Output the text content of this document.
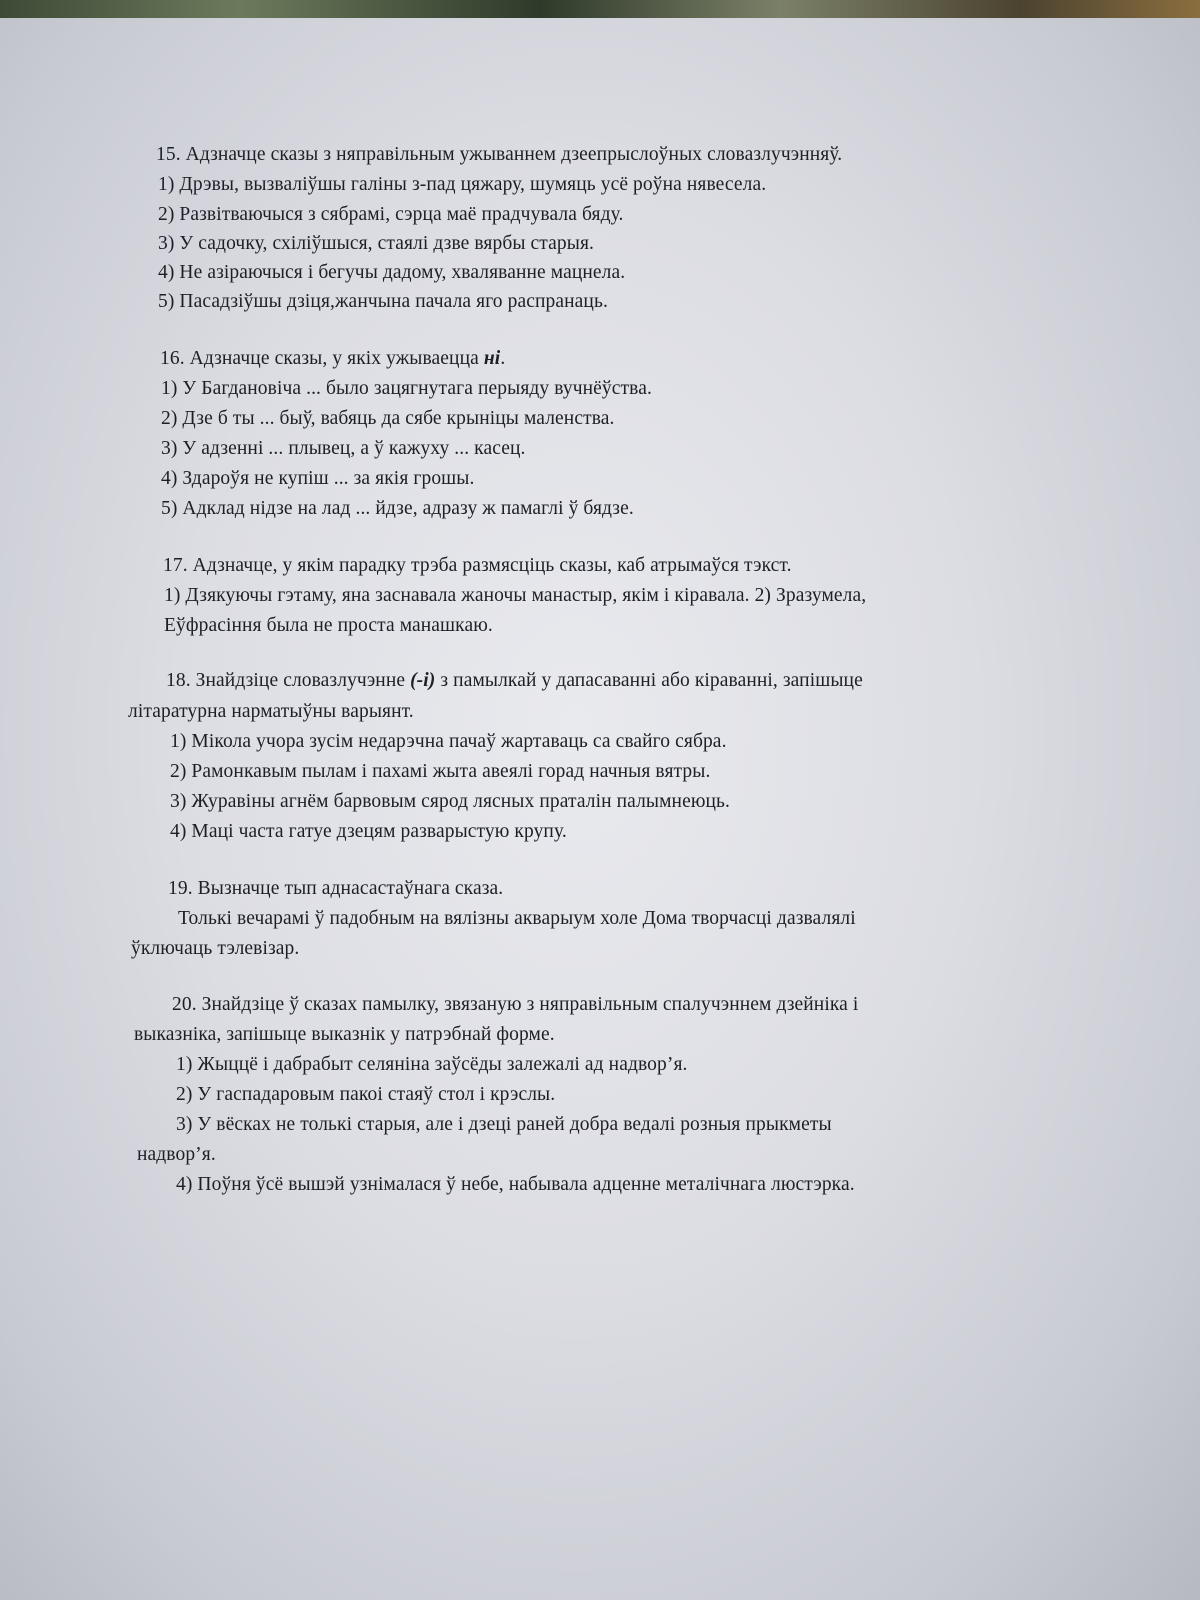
15. Адзначце сказы з няправільным ужываннем дзеепрыслоўных словазлучэнняў.
1) Дрэвы, вызваліўшы галіны з-пад цяжару, шумяць усё роўна нявесела.
2) Развітваючыся з сябрамі, сэрца маё прадчувала бяду.
3) У садочку, схіліўшыся, стаялі дзве вярбы старыя.
4) Не азіраючыся і бегучы дадому, хваляванне мацнела.
5) Пасадзіўшы дзіця,жанчына пачала яго распранаць.
16. Адзначце сказы, у якіх ужываецца ні.
1) У Багдановіча ... было зацягнутага перыяду вучнёўства.
2) Дзе б ты ... быў, вабяць да сябе крыніцы маленства.
3) У адзенні ... плывец, а ў кажуху ... касец.
4) Здароўя не купіш ... за якія грошы.
5) Адклад нідзе на лад ... йдзе, адразу ж памаглі ў бядзе.
17. Адзначце, у якім парадку трэба размясціць сказы, каб атрымаўся тэкст.
1) Дзякуючы гэтаму, яна заснавала жаночы манастыр, якім і кіравала. 2) Зразумела,
Еўфрасіння была не проста манашкаю.
18. Знайдзіце словазлучэнне (-і) з памылкай у дапасаванні або кіраванні, запішыце
літаратурна нарматыўны варыянт.
1) Мікола учора зусім недарэчна пачаў жартаваць са свайго сябра.
2) Рамонкавым пылам і пахамі жыта авеялі горад начныя вятры.
3) Журавіны агнём барвовым сярод лясных праталін палымнеюць.
4) Маці часта гатуе дзецям разварыстую крупу.
19. Вызначце тып аднасастаўнага сказа.
Толькі вечарамі ў падобным на вялізны акварыум холе Дома творчасці дазвалялі
ўключаць тэлевізар.
20. Знайдзіце ў сказах памылку, звязаную з няправільным спалучэннем дзейніка і
выказніка, запішыце выказнік у патрэбнай форме.
1) Жыццё і дабрабыт селяніна заўсёды залежалі ад надвор’я.
2) У гаспадаровым пакоі стаяў стол і крэслы.
3) У вёсках не толькі старыя, але і дзеці раней добра ведалі розныя прыкметы
надвор’я.
4) Поўня ўсё вышэй узнімалася ў небе, набывала адценне металічнага люстэрка.
